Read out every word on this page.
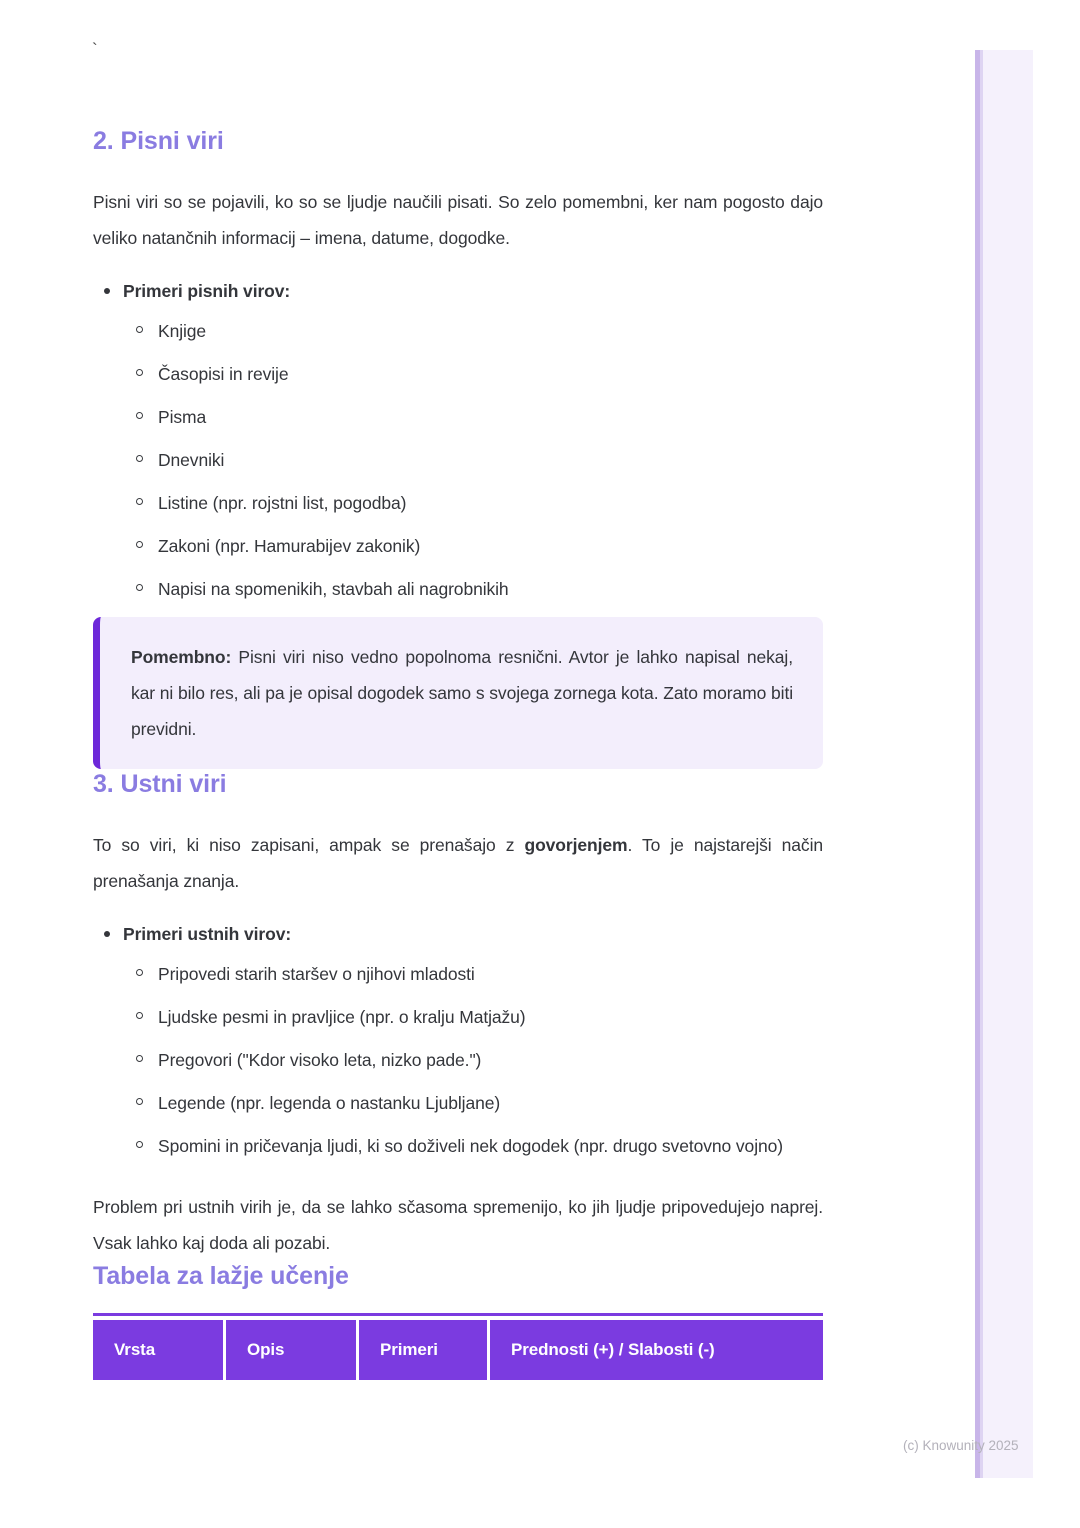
`
2. Pisni viri

Pisni viri so se pojavili, ko so se ljudje naučili pisati. So zelo pomembni, ker nam pogosto dajo veliko natančnih informacij – imena, datume, dogodke.

Primeri pisnih virov:
Knjige
Časopisi in revije
Pisma
Dnevniki
Listine (npr. rojstni list, pogodba)
Zakoni (npr. Hamurabijev zakonik)
Napisi na spomenikih, stavbah ali nagrobnikih
Pomembno: Pisni viri niso vedno popolnoma resnični. Avtor je lahko napisal nekaj, kar ni bilo res, ali pa je opisal dogodek samo s svojega zornega kota. Zato moramo biti previdni.
3. Ustni viri

To so viri, ki niso zapisani, ampak se prenašajo z govorjenjem. To je najstarejši način prenašanja znanja.

Primeri ustnih virov:
Pripovedi starih staršev o njihovi mladosti
Ljudske pesmi in pravljice (npr. o kralju Matjažu)
Pregovori ("Kdor visoko leta, nizko pade.")
Legende (npr. legenda o nastanku Ljubljane)
Spomini in pričevanja ljudi, ki so doživeli nek dogodek (npr. drugo svetovno vojno)

Problem pri ustnih virih je, da se lahko sčasoma spremenijo, ko jih ljudje pripovedujejo naprej. Vsak lahko kaj doda ali pozabi.

Tabela za lažje učenje
Vrsta	Opis	Primeri	Prednosti (+) / Slabosti (-)
(c) Knowunity 2025
